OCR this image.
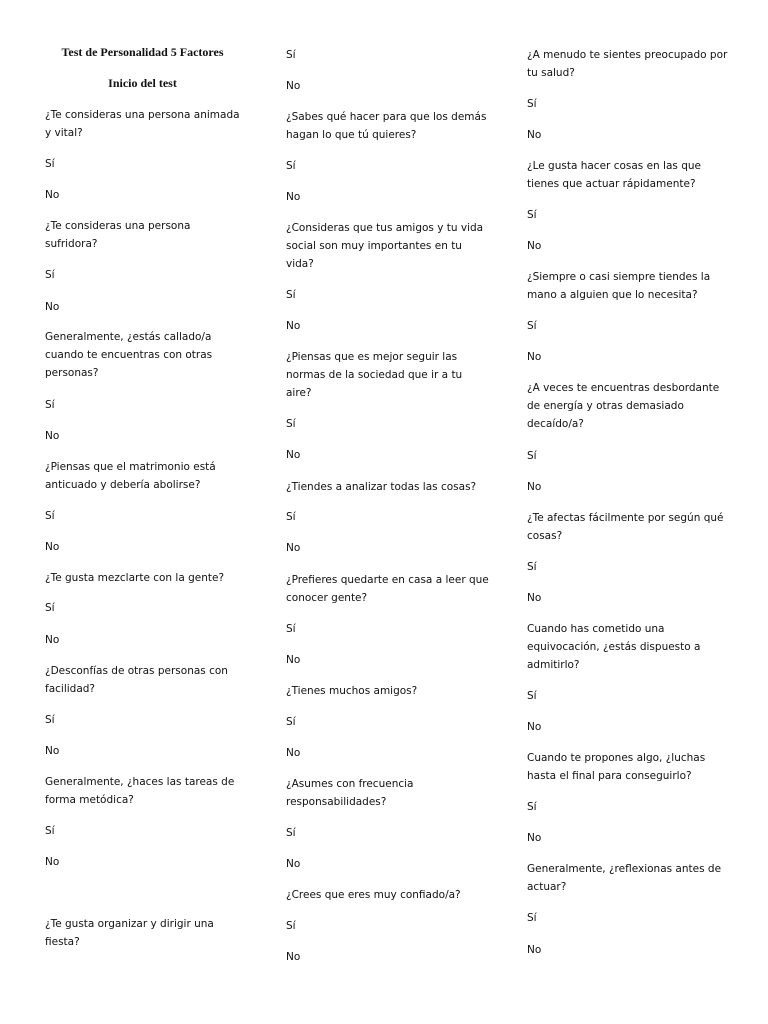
Test de Personalidad 5 Factores
Inicio del test
¿Te consideras una persona animada
y vital?
Sí
No
¿Te consideras una persona
sufridora?
Sí
No
Generalmente, ¿estás callado/a
cuando te encuentras con otras
personas?
Sí
No
¿Piensas que el matrimonio está
anticuado y debería abolirse?
Sí
No
¿Te gusta mezclarte con la gente?
Sí
No
¿Desconfías de otras personas con
facilidad?
Sí
No
Generalmente, ¿haces las tareas de
forma metódica?
Sí
No
¿Te gusta organizar y dirigir una
fiesta?
Sí
No
¿Sabes qué hacer para que los demás
hagan lo que tú quieres?
Sí
No
¿Consideras que tus amigos y tu vida
social son muy importantes en tu
vida?
Sí
No
¿Piensas que es mejor seguir las
normas de la sociedad que ir a tu
aire?
Sí
No
¿Tiendes a analizar todas las cosas?
Sí
No
¿Prefieres quedarte en casa a leer que
conocer gente?
Sí
No
¿Tienes muchos amigos?
Sí
No
¿Asumes con frecuencia
responsabilidades?
Sí
No
¿Crees que eres muy confiado/a?
Sí
No
¿A menudo te sientes preocupado por
tu salud?
Sí
No
¿Le gusta hacer cosas en las que
tienes que actuar rápidamente?
Sí
No
¿Siempre o casi siempre tiendes la
mano a alguien que lo necesita?
Sí
No
¿A veces te encuentras desbordante
de energía y otras demasiado
decaído/a?
Sí
No
¿Te afectas fácilmente por según qué
cosas?
Sí
No
Cuando has cometido una
equivocación, ¿estás dispuesto a
admitirlo?
Sí
No
Cuando te propones algo, ¿luchas
hasta el final para conseguirlo?
Sí
No
Generalmente, ¿reflexionas antes de
actuar?
Sí
No
